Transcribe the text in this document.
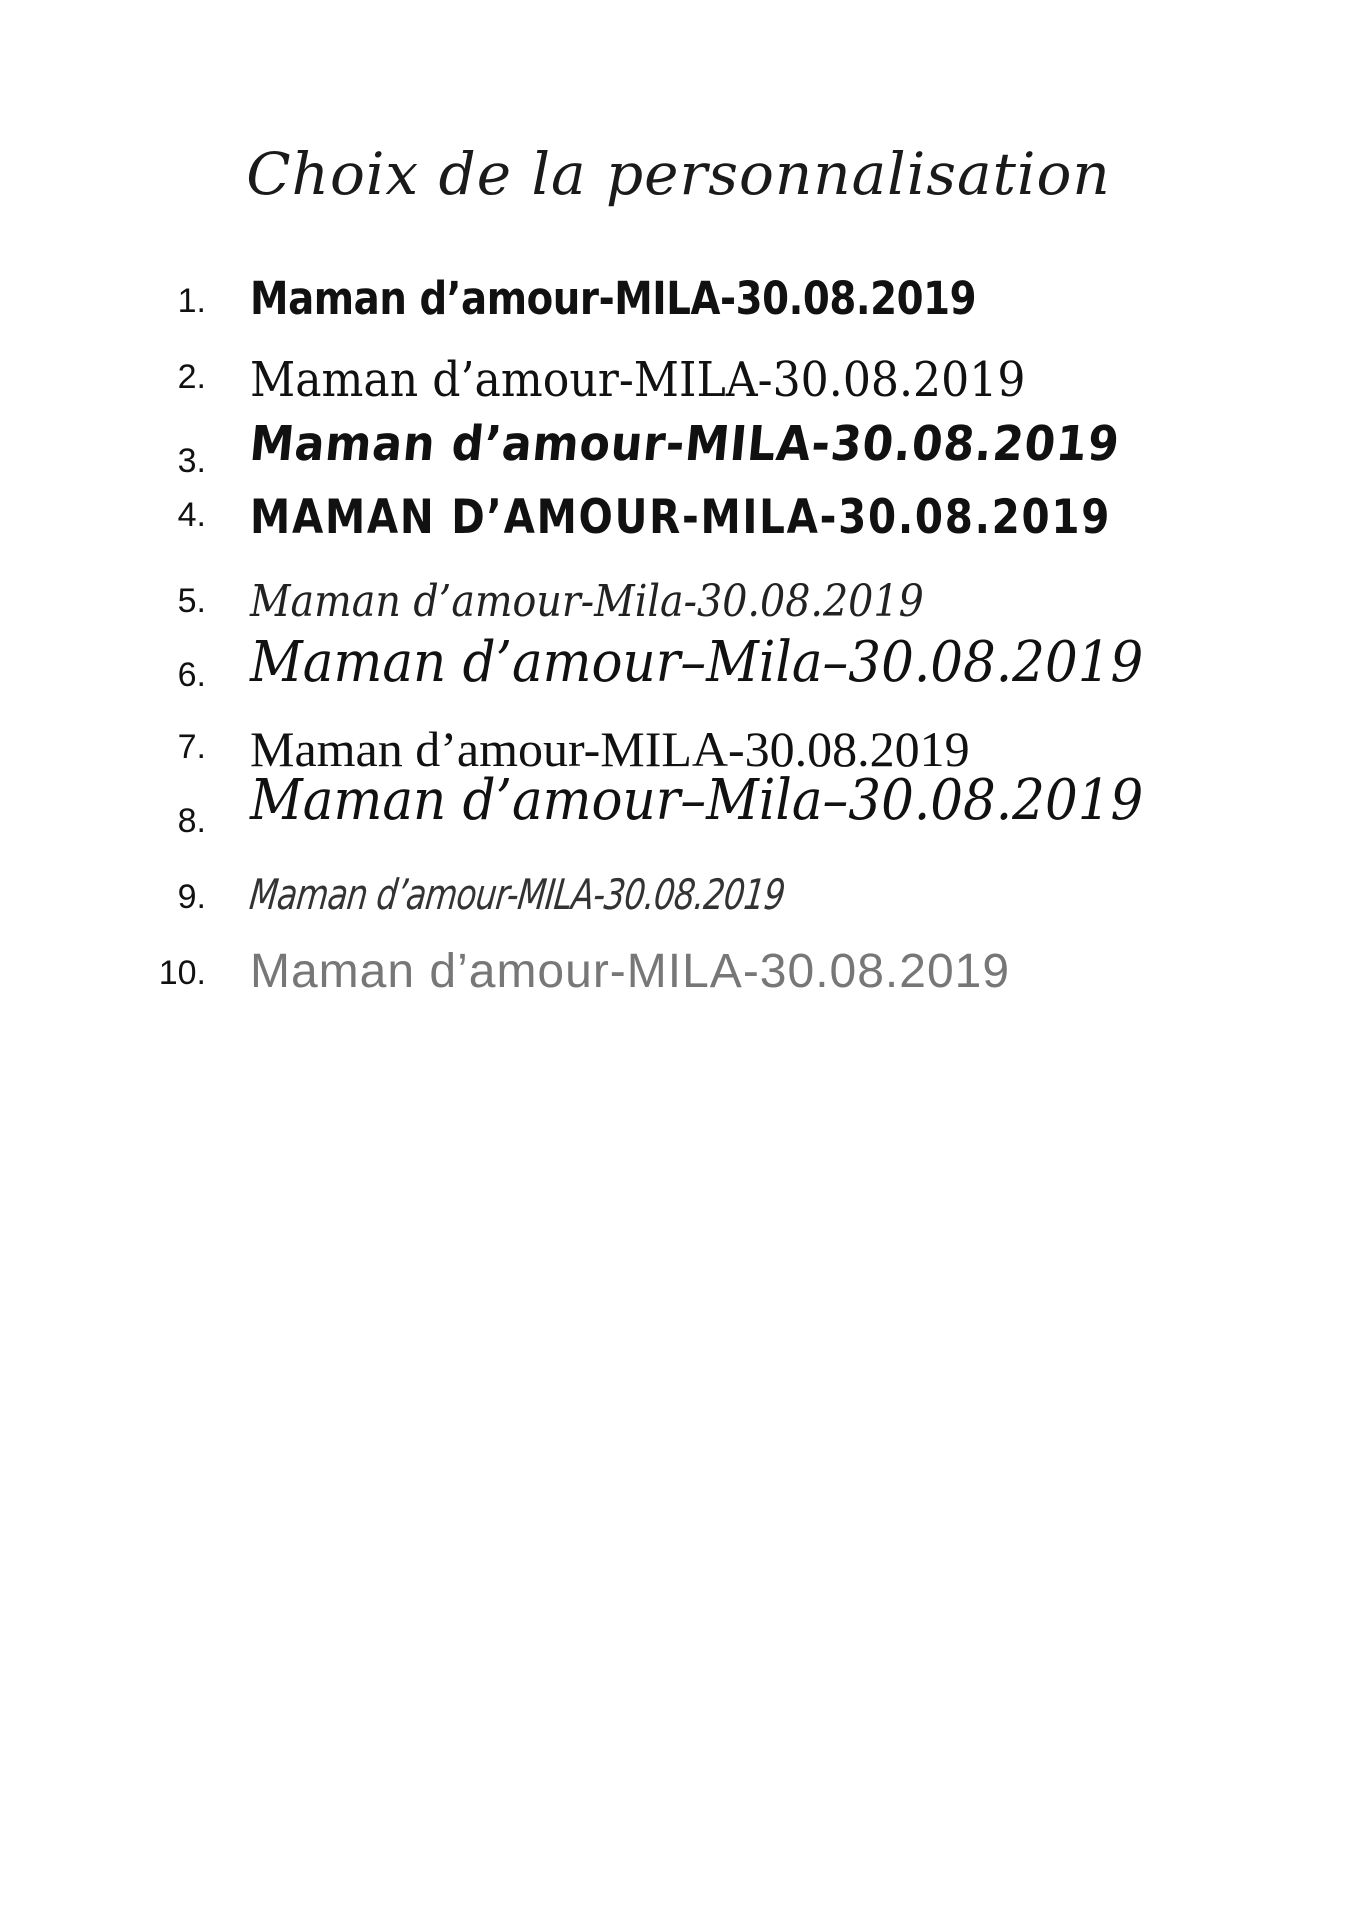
Choix de la personnalisation
1. Maman d’amour-MILA-30.08.2019
2. Maman d’amour-MILA-30.08.2019
3. Maman d’amour-MILA-30.08.2019
4. MAMAN D’AMOUR-MILA-30.08.2019
5. Maman d’amour-Mila-30.08.2019
6. Maman d’amour–Mila–30.08.2019
7. Maman d’amour-MILA-30.08.2019
8. Maman d’amour–Mila–30.08.2019
9. Maman d’amour-MILA-30.08.2019
10. Maman d’amour-MILA-30.08.2019
